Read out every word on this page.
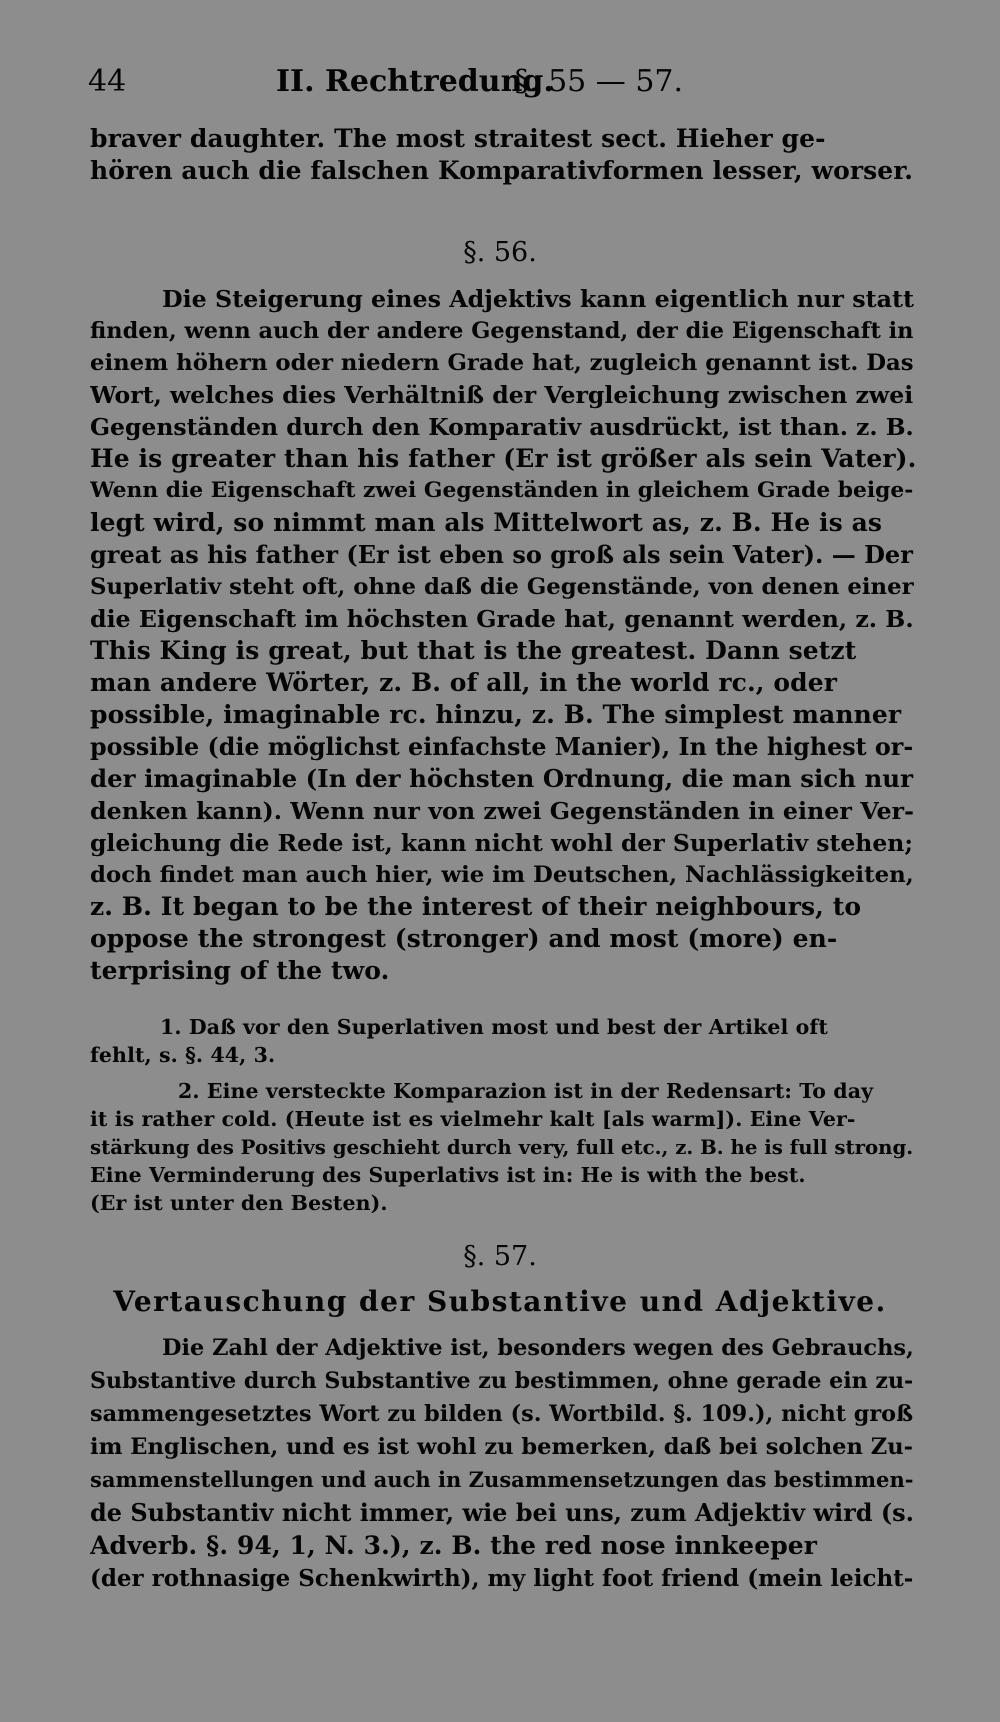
44	II. Rechtredung.
§. 55 — 57.
braver daughter. The most straitest sect. Hieher ge-
hören auch die falschen Komparativformen lesser, worser.
§. 56.
Die Steigerung eines Adjektivs kann eigentlich nur statt
finden, wenn auch der andere Gegenstand, der die Eigenschaft in
einem höhern oder niedern Grade hat, zugleich genannt ist. Das
Wort, welches dies Verhältniß der Vergleichung zwischen zwei
Gegenständen durch den Komparativ ausdrückt, ist than. z. B.
He is greater than his father (Er ist größer als sein Vater).
Wenn die Eigenschaft zwei Gegenständen in gleichem Grade beige-
legt wird, so nimmt man als Mittelwort as, z. B. He is as
great as his father (Er ist eben so groß als sein Vater). — Der
Superlativ steht oft, ohne daß die Gegenstände, von denen einer
die Eigenschaft im höchsten Grade hat, genannt werden, z. B.
This King is great, but that is the greatest. Dann setzt
man andere Wörter, z. B. of all, in the world rc., oder
possible, imaginable rc. hinzu, z. B. The simplest manner
possible (die möglichst einfachste Manier), In the highest or-
der imaginable (In der höchsten Ordnung, die man sich nur
denken kann). Wenn nur von zwei Gegenständen in einer Ver-
gleichung die Rede ist, kann nicht wohl der Superlativ stehen;
doch findet man auch hier, wie im Deutschen, Nachlässigkeiten,
z. B. It began to be the interest of their neighbours, to
oppose the strongest (stronger) and most (more) en-
terprising of the two.
1. Daß vor den Superlativen most und best der Artikel oft
fehlt, s. §. 44, 3.
2. Eine versteckte Komparazion ist in der Redensart: To day
it is rather cold. (Heute ist es vielmehr kalt [als warm]). Eine Ver-
stärkung des Positivs geschieht durch very, full etc., z. B. he is full strong.
Eine Verminderung des Superlativs ist in: He is with the best.
(Er ist unter den Besten).
§. 57.
Vertauschung der Substantive und Adjektive.
Die Zahl der Adjektive ist, besonders wegen des Gebrauchs,
Substantive durch Substantive zu bestimmen, ohne gerade ein zu-
sammengesetztes Wort zu bilden (s. Wortbild. §. 109.), nicht groß
im Englischen, und es ist wohl zu bemerken, daß bei solchen Zu-
sammenstellungen und auch in Zusammensetzungen das bestimmen-
de Substantiv nicht immer, wie bei uns, zum Adjektiv wird (s.
Adverb. §. 94, 1, N. 3.), z. B. the red nose innkeeper
(der rothnasige Schenkwirth), my light foot friend (mein leicht-
